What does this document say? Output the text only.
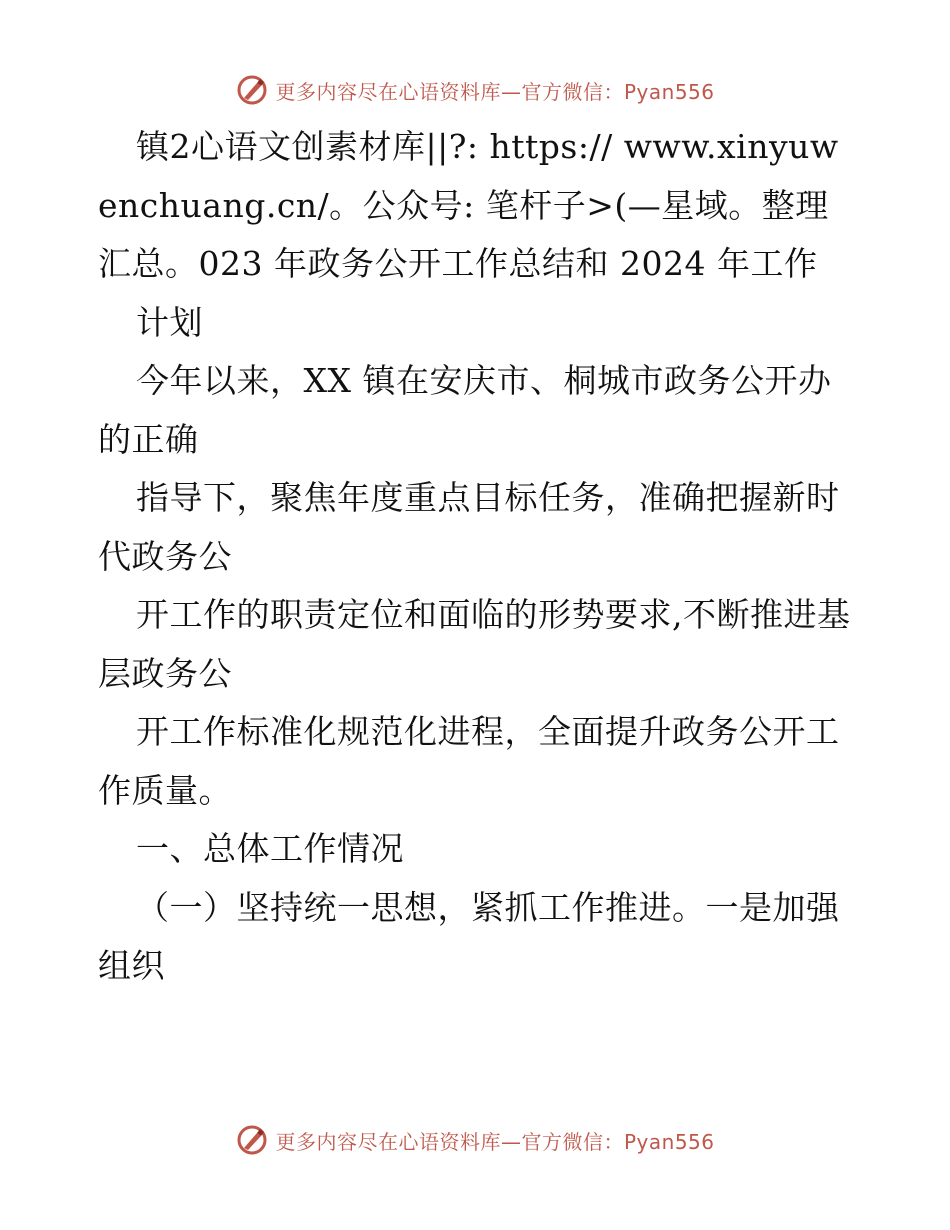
更多内容尽在心语资料库—官方微信：Pyan556

镇2心语文创素材库||?: https:// www.xinyuwenchuang.cn/。公众号: 笔杆子>(—星域。整理汇总。023 年政务公开工作总结和 2024 年工作

计划

今年以来，XX 镇在安庆市、桐城市政务公开办的正确

指导下，聚焦年度重点目标任务，准确把握新时代政务公

开工作的职责定位和面临的形势要求,不断推进基层政务公

开工作标准化规范化进程，全面提升政务公开工作质量。

一、总体工作情况

（一）坚持统一思想，紧抓工作推进。一是加强组织

更多内容尽在心语资料库—官方微信：Pyan556
